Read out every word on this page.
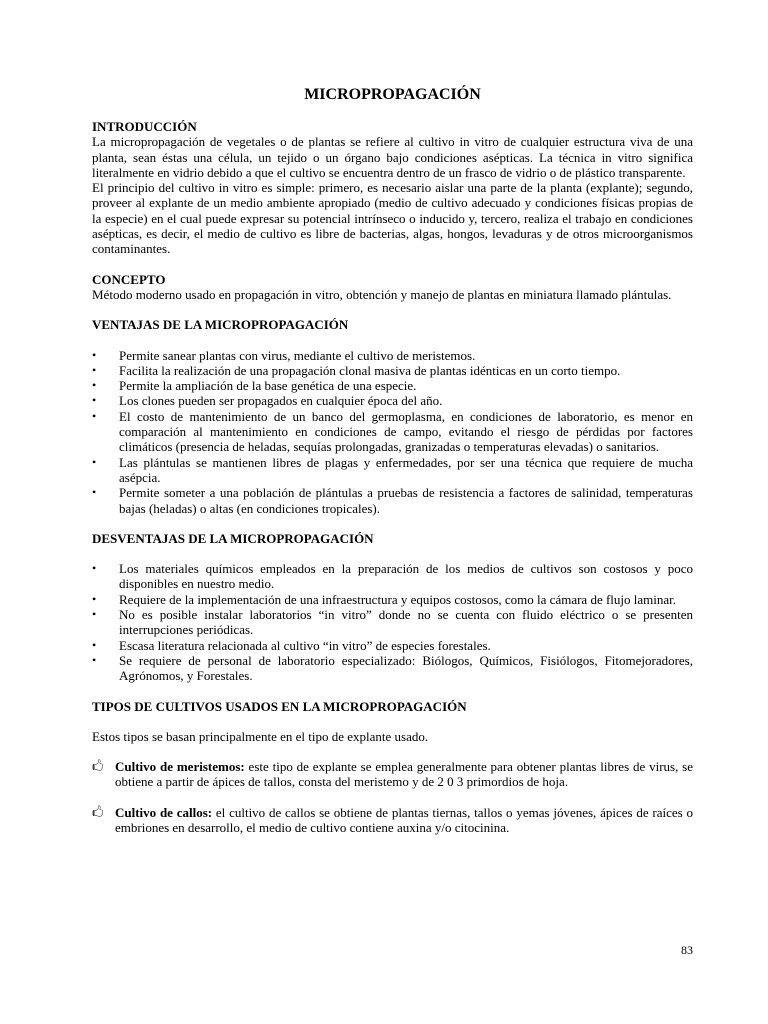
MICROPROPAGACIÓN
INTRODUCCIÓN

La micropropagación de vegetales o de plantas se refiere al cultivo in vitro de cualquier estructura viva de una planta, sean éstas una célula, un tejido o un órgano bajo condiciones asépticas. La técnica in vitro significa literalmente en vidrio debido a que el cultivo se encuentra dentro de un frasco de vidrio o de plástico transparente.

El principio del cultivo in vitro es simple: primero, es necesario aislar una parte de la planta (explante); segundo, proveer al explante de un medio ambiente apropiado (medio de cultivo adecuado y condiciones físicas propias de la especie) en el cual puede expresar su potencial intrínseco o inducido y, tercero, realiza el trabajo en condiciones asépticas, es decir, el medio de cultivo es libre de bacterias, algas, hongos, levaduras y de otros microorganismos contaminantes.

CONCEPTO

Método moderno usado en propagación in vitro, obtención y manejo de plantas en miniatura llamado plántulas.

VENTAJAS DE LA MICROPROPAGACIÓN
• Permite sanear plantas con virus, mediante el cultivo de meristemos.
• Facilita la realización de una propagación clonal masiva de plantas idénticas en un corto tiempo.
• Permite la ampliación de la base genética de una especie.
• Los clones pueden ser propagados en cualquier época del año.
• El costo de mantenimiento de un banco del germoplasma, en condiciones de laboratorio, es menor en comparación al mantenimiento en condiciones de campo, evitando el riesgo de pérdidas por factores climáticos (presencia de heladas, sequías prolongadas, granizadas o temperaturas elevadas) o sanitarios.
• Las plántulas se mantienen libres de plagas y enfermedades, por ser una técnica que requiere de mucha asépcia.
• Permite someter a una población de plántulas a pruebas de resistencia a factores de salinidad, temperaturas bajas (heladas) o altas (en condiciones tropicales).
DESVENTAJAS DE LA MICROPROPAGACIÓN
• Los materiales químicos empleados en la preparación de los medios de cultivos son costosos y poco disponibles en nuestro medio.
• Requiere de la implementación de una infraestructura y equipos costosos, como la cámara de flujo laminar.
• No es posible instalar laboratorios “in vitro” donde no se cuenta con fluido eléctrico o se presenten interrupciones periódicas.
• Escasa literatura relacionada al cultivo “in vitro” de especies forestales.
• Se requiere de personal de laboratorio especializado: Biólogos, Químicos, Fisiólogos, Fitomejoradores, Agrónomos, y Forestales.
TIPOS DE CULTIVOS USADOS EN LA MICROPROPAGACIÓN

Estos tipos se basan principalmente en el tipo de explante usado.

🖒 Cultivo de meristemos: este tipo de explante se emplea generalmente para obtener plantas libres de virus, se obtiene a partir de ápices de tallos, consta del meristemo y de 2 0 3 primordios de hoja.

🖒 Cultivo de callos: el cultivo de callos se obtiene de plantas tiernas, tallos o yemas jóvenes, ápices de raíces o embriones en desarrollo, el medio de cultivo contiene auxina y/o citocinina.

83
